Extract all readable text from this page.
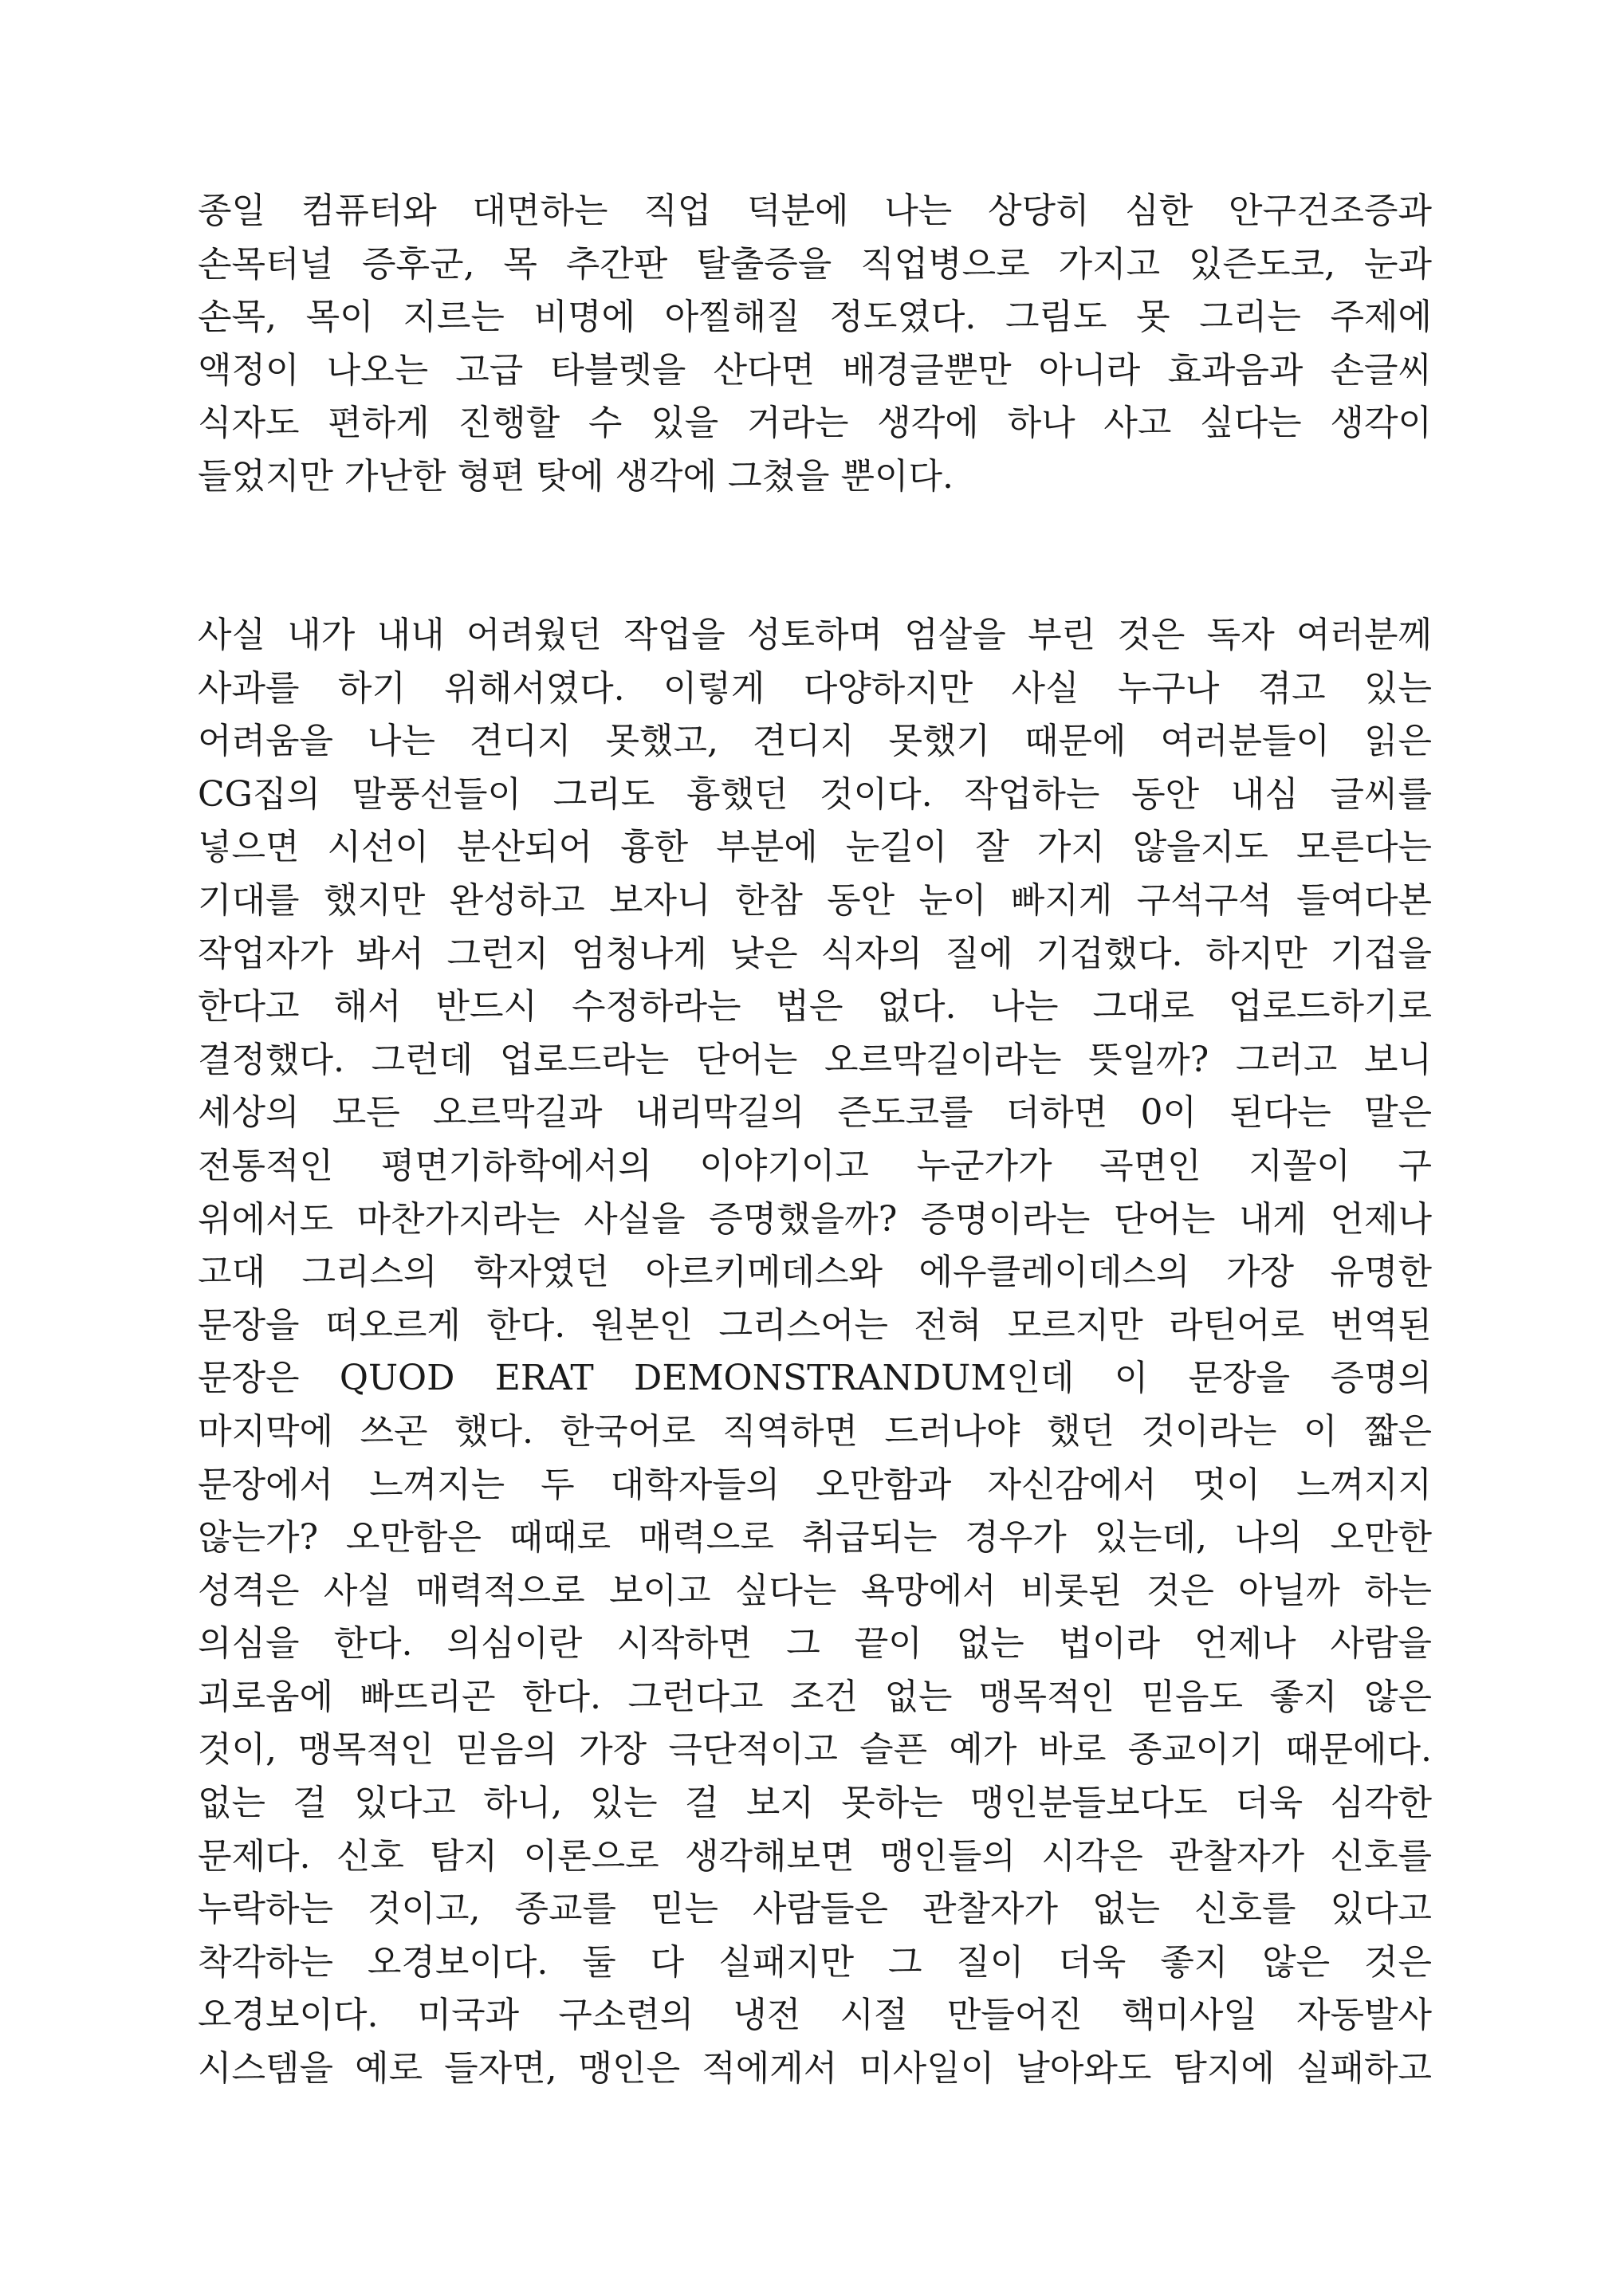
종일 컴퓨터와 대면하는 직업 덕분에 나는 상당히 심한 안구건조증과
손목터널 증후군, 목 추간판 탈출증을 직업병으로 가지고 있즌도코, 눈과
손목, 목이 지르는 비명에 아찔해질 정도였다. 그림도 못 그리는 주제에
액정이 나오는 고급 타블렛을 산다면 배경글뿐만 아니라 효과음과 손글씨
식자도 편하게 진행할 수 있을 거라는 생각에 하나 사고 싶다는 생각이
들었지만 가난한 형편 탓에 생각에 그쳤을 뿐이다.
사실 내가 내내 어려웠던 작업을 성토하며 엄살을 부린 것은 독자 여러분께
사과를 하기 위해서였다. 이렇게 다양하지만 사실 누구나 겪고 있는
어려움을 나는 견디지 못했고, 견디지 못했기 때문에 여러분들이 읽은
CG집의 말풍선들이 그리도 흉했던 것이다. 작업하는 동안 내심 글씨를
넣으면 시선이 분산되어 흉한 부분에 눈길이 잘 가지 않을지도 모른다는
기대를 했지만 완성하고 보자니 한참 동안 눈이 빠지게 구석구석 들여다본
작업자가 봐서 그런지 엄청나게 낮은 식자의 질에 기겁했다. 하지만 기겁을
한다고 해서 반드시 수정하라는 법은 없다. 나는 그대로 업로드하기로
결정했다. 그런데 업로드라는 단어는 오르막길이라는 뜻일까? 그러고 보니
세상의 모든 오르막길과 내리막길의 즌도코를 더하면 0이 된다는 말은
전통적인 평면기하학에서의 이야기이고 누군가가 곡면인 지꼴이 구
위에서도 마찬가지라는 사실을 증명했을까? 증명이라는 단어는 내게 언제나
고대 그리스의 학자였던 아르키메데스와 에우클레이데스의 가장 유명한
문장을 떠오르게 한다. 원본인 그리스어는 전혀 모르지만 라틴어로 번역된
문장은 QUOD ERAT DEMONSTRANDUM인데 이 문장을 증명의
마지막에 쓰곤 했다. 한국어로 직역하면 드러나야 했던 것이라는 이 짧은
문장에서 느껴지는 두 대학자들의 오만함과 자신감에서 멋이 느껴지지
않는가? 오만함은 때때로 매력으로 취급되는 경우가 있는데, 나의 오만한
성격은 사실 매력적으로 보이고 싶다는 욕망에서 비롯된 것은 아닐까 하는
의심을 한다. 의심이란 시작하면 그 끝이 없는 법이라 언제나 사람을
괴로움에 빠뜨리곤 한다. 그런다고 조건 없는 맹목적인 믿음도 좋지 않은
것이, 맹목적인 믿음의 가장 극단적이고 슬픈 예가 바로 종교이기 때문에다.
없는 걸 있다고 하니, 있는 걸 보지 못하는 맹인분들보다도 더욱 심각한
문제다. 신호 탐지 이론으로 생각해보면 맹인들의 시각은 관찰자가 신호를
누락하는 것이고, 종교를 믿는 사람들은 관찰자가 없는 신호를 있다고
착각하는 오경보이다. 둘 다 실패지만 그 질이 더욱 좋지 않은 것은
오경보이다. 미국과 구소련의 냉전 시절 만들어진 핵미사일 자동발사
시스템을 예로 들자면, 맹인은 적에게서 미사일이 날아와도 탐지에 실패하고
